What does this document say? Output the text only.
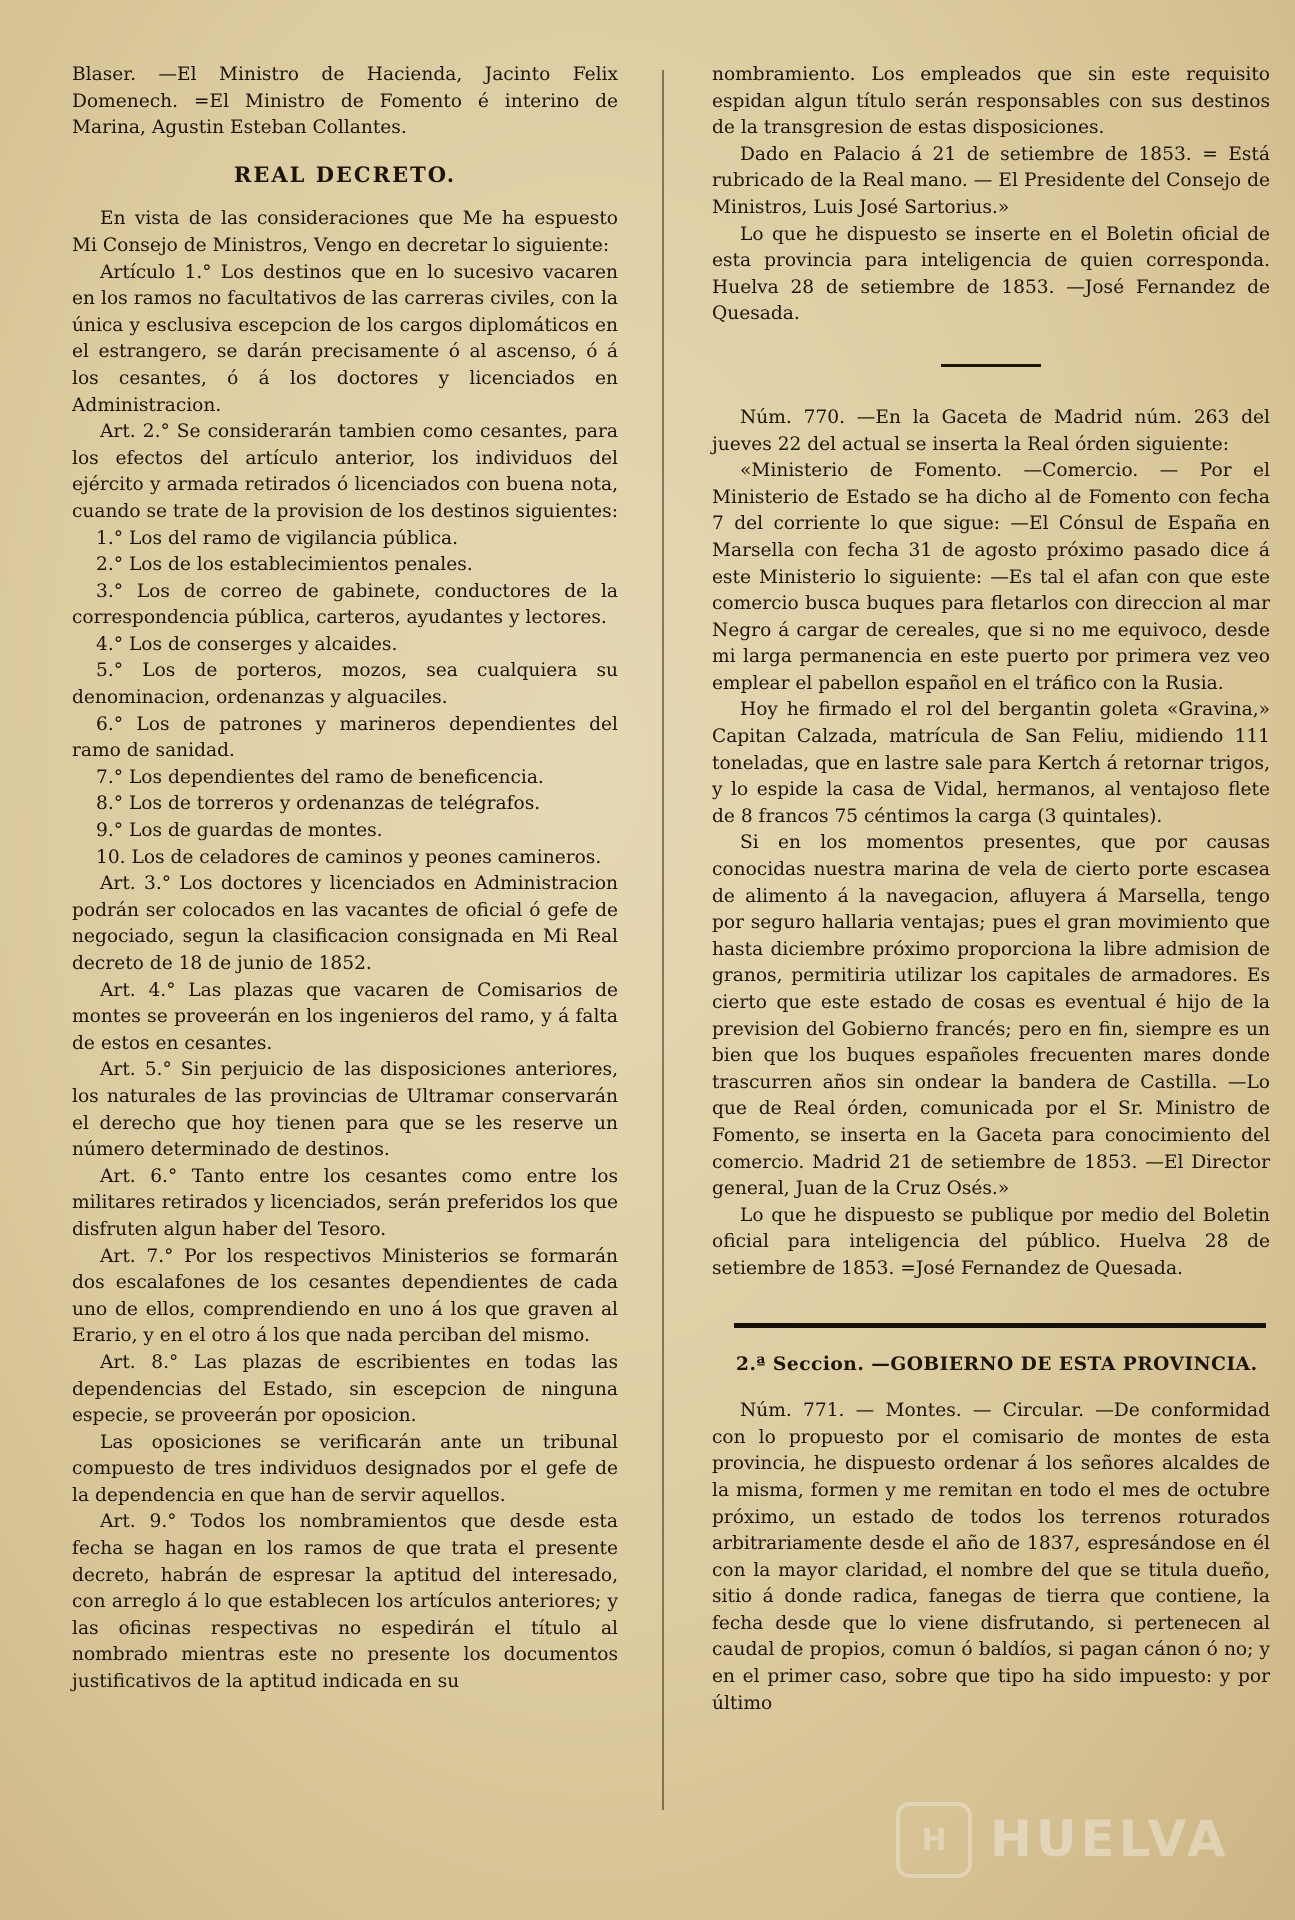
Blaser. —El Ministro de Hacienda, Jacinto Felix Domenech. =El Ministro de Fomento é interino de Marina, Agustin Esteban Collantes.

REAL DECRETO.

En vista de las consideraciones que Me ha espuesto Mi Consejo de Ministros, Vengo en decretar lo siguiente:

Artículo 1.° Los destinos que en lo sucesivo vacaren en los ramos no facultativos de las carreras civiles, con la única y esclusiva escepcion de los cargos diplomáticos en el estrangero, se darán precisamente ó al ascenso, ó á los cesantes, ó á los doctores y licenciados en Administracion.

Art. 2.° Se considerarán tambien como cesantes, para los efectos del artículo anterior, los individuos del ejército y armada retirados ó licenciados con buena nota, cuando se trate de la provision de los destinos siguientes:

1.° Los del ramo de vigilancia pública.

2.° Los de los establecimientos penales.

3.° Los de correo de gabinete, conductores de la correspondencia pública, carteros, ayudantes y lectores.

4.° Los de conserges y alcaides.

5.° Los de porteros, mozos, sea cualquiera su denominacion, ordenanzas y alguaciles.

6.° Los de patrones y marineros dependientes del ramo de sanidad.

7.° Los dependientes del ramo de beneficencia.

8.° Los de torreros y ordenanzas de telégrafos.

9.° Los de guardas de montes.

10. Los de celadores de caminos y peones camineros.

Art. 3.° Los doctores y licenciados en Administracion podrán ser colocados en las vacantes de oficial ó gefe de negociado, segun la clasificacion consignada en Mi Real decreto de 18 de junio de 1852.

Art. 4.° Las plazas que vacaren de Comisarios de montes se proveerán en los ingenieros del ramo, y á falta de estos en cesantes.

Art. 5.° Sin perjuicio de las disposiciones anteriores, los naturales de las provincias de Ultramar conservarán el derecho que hoy tienen para que se les reserve un número determinado de destinos.

Art. 6.° Tanto entre los cesantes como entre los militares retirados y licenciados, serán preferidos los que disfruten algun haber del Tesoro.

Art. 7.° Por los respectivos Ministerios se formarán dos escalafones de los cesantes dependientes de cada uno de ellos, comprendiendo en uno á los que graven al Erario, y en el otro á los que nada perciban del mismo.

Art. 8.° Las plazas de escribientes en todas las dependencias del Estado, sin escepcion de ninguna especie, se proveerán por oposicion.

Las oposiciones se verificarán ante un tribunal compuesto de tres individuos designados por el gefe de la dependencia en que han de servir aquellos.

Art. 9.° Todos los nombramientos que desde esta fecha se hagan en los ramos de que trata el presente decreto, habrán de espresar la aptitud del interesado, con arreglo á lo que establecen los artículos anteriores; y las oficinas respectivas no espedirán el título al nombrado mientras este no presente los documentos justificativos de la aptitud indicada en su

nombramiento. Los empleados que sin este requisito espidan algun título serán responsables con sus destinos de la transgresion de estas disposiciones.

Dado en Palacio á 21 de setiembre de 1853. = Está rubricado de la Real mano. — El Presidente del Consejo de Ministros, Luis José Sartorius.»

Lo que he dispuesto se inserte en el Boletin oficial de esta provincia para inteligencia de quien corresponda. Huelva 28 de setiembre de 1853. —José Fernandez de Quesada.

Núm. 770. —En la Gaceta de Madrid núm. 263 del jueves 22 del actual se inserta la Real órden siguiente:

«Ministerio de Fomento. —Comercio. — Por el Ministerio de Estado se ha dicho al de Fomento con fecha 7 del corriente lo que sigue: —El Cónsul de España en Marsella con fecha 31 de agosto próximo pasado dice á este Ministerio lo siguiente: —Es tal el afan con que este comercio busca buques para fletarlos con direccion al mar Negro á cargar de cereales, que si no me equivoco, desde mi larga permanencia en este puerto por primera vez veo emplear el pabellon español en el tráfico con la Rusia.

Hoy he firmado el rol del bergantin goleta «Gravina,» Capitan Calzada, matrícula de San Feliu, midiendo 111 toneladas, que en lastre sale para Kertch á retornar trigos, y lo espide la casa de Vidal, hermanos, al ventajoso flete de 8 francos 75 céntimos la carga (3 quintales).

Si en los momentos presentes, que por causas conocidas nuestra marina de vela de cierto porte escasea de alimento á la navegacion, afluyera á Marsella, tengo por seguro hallaria ventajas; pues el gran movimiento que hasta diciembre próximo proporciona la libre admision de granos, permitiria utilizar los capitales de armadores. Es cierto que este estado de cosas es eventual é hijo de la prevision del Gobierno francés; pero en fin, siempre es un bien que los buques españoles frecuenten mares donde trascurren años sin ondear la bandera de Castilla. —Lo que de Real órden, comunicada por el Sr. Ministro de Fomento, se inserta en la Gaceta para conocimiento del comercio. Madrid 21 de setiembre de 1853. —El Director general, Juan de la Cruz Osés.»

Lo que he dispuesto se publique por medio del Boletin oficial para inteligencia del público. Huelva 28 de setiembre de 1853. =José Fernandez de Quesada.

2.ª Seccion. —GOBIERNO DE ESTA PROVINCIA.

Núm. 771. — Montes. — Circular. —De conformidad con lo propuesto por el comisario de montes de esta provincia, he dispuesto ordenar á los señores alcaldes de la misma, formen y me remitan en todo el mes de octubre próximo, un estado de todos los terrenos roturados arbitrariamente desde el año de 1837, espresándose en él con la mayor claridad, el nombre del que se titula dueño, sitio á donde radica, fanegas de tierra que contiene, la fecha desde que lo viene disfrutando, si pertenecen al caudal de propios, comun ó baldíos, si pagan cánon ó no; y en el primer caso, sobre que tipo ha sido impuesto: y por último

H HUELVA
